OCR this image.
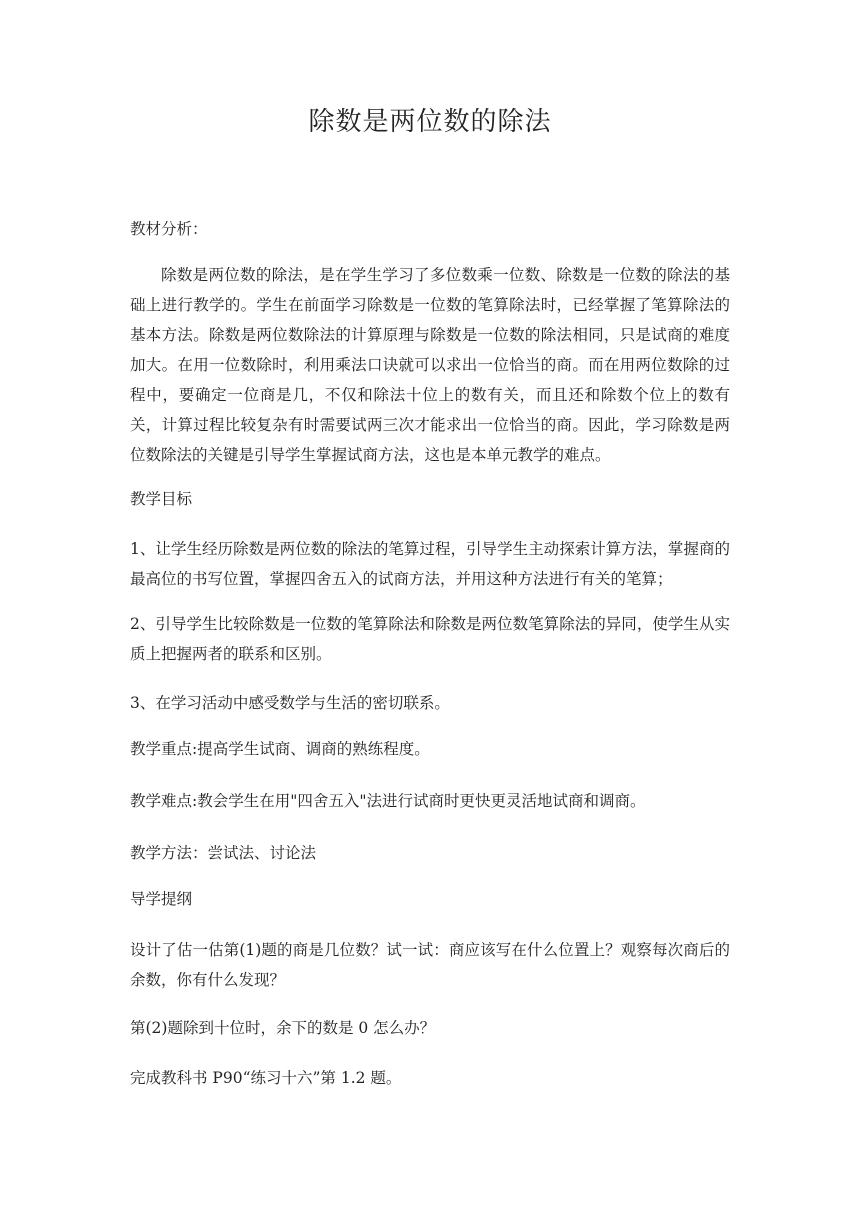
除数是两位数的除法

教材分析：

除数是两位数的除法，是在学生学习了多位数乘一位数、除数是一位数的除法的基础上进行教学的。学生在前面学习除数是一位数的笔算除法时，已经掌握了笔算除法的基本方法。除数是两位数除法的计算原理与除数是一位数的除法相同，只是试商的难度加大。在用一位数除时，利用乘法口诀就可以求出一位恰当的商。而在用两位数除的过程中，要确定一位商是几，不仅和除法十位上的数有关，而且还和除数个位上的数有关，计算过程比较复杂有时需要试两三次才能求出一位恰当的商。因此，学习除数是两位数除法的关键是引导学生掌握试商方法，这也是本单元教学的难点。

教学目标

1、让学生经历除数是两位数的除法的笔算过程，引导学生主动探索计算方法，掌握商的最高位的书写位置，掌握四舍五入的试商方法，并用这种方法进行有关的笔算；

2、引导学生比较除数是一位数的笔算除法和除数是两位数笔算除法的异同，使学生从实质上把握两者的联系和区别。

3、在学习活动中感受数学与生活的密切联系。

教学重点:提高学生试商、调商的熟练程度。

教学难点:教会学生在用"四舍五入"法进行试商时更快更灵活地试商和调商。

教学方法：尝试法、讨论法

导学提纲

设计了估一估第(1)题的商是几位数？试一试：商应该写在什么位置上？观察每次商后的余数，你有什么发现？

第(2)题除到十位时，余下的数是 0 怎么办？

完成教科书 P90“练习十六”第 1.2 题。
